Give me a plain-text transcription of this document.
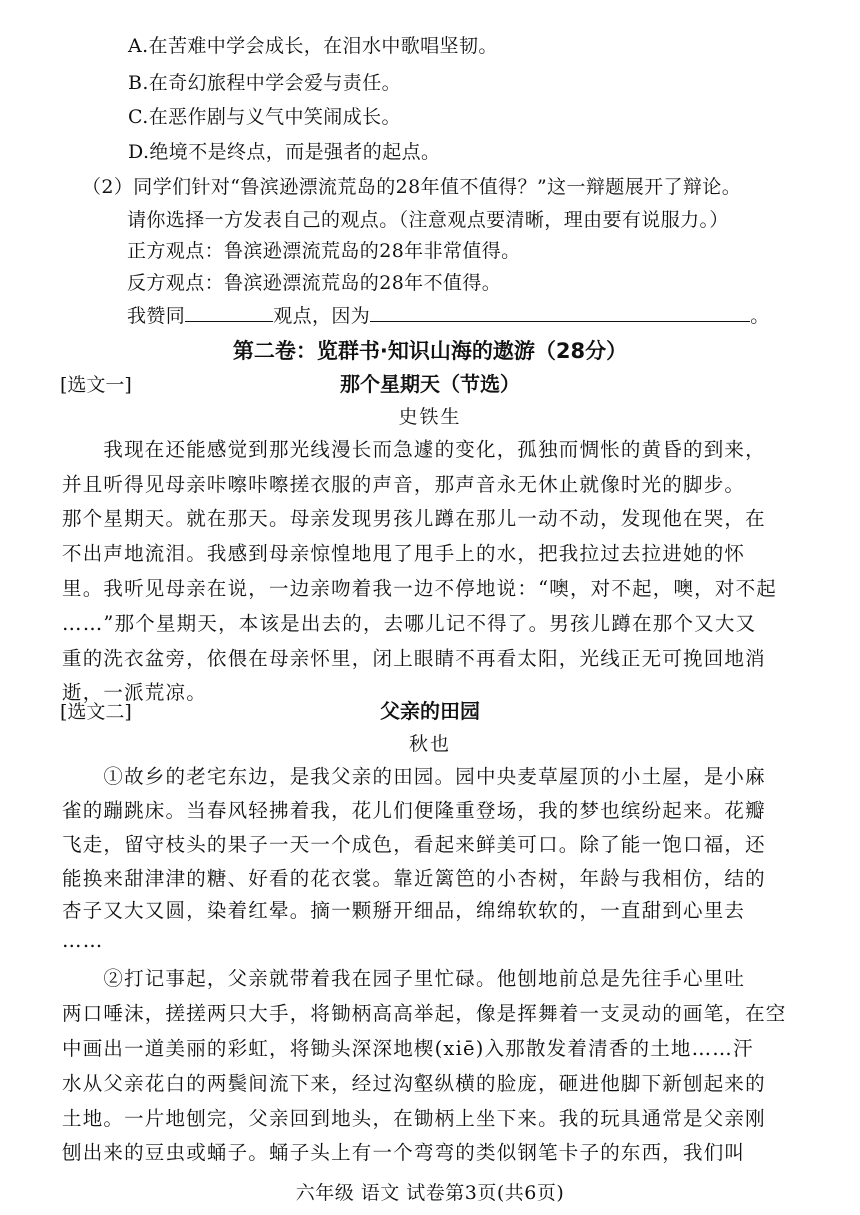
A.在苦难中学会成长，在泪水中歌唱坚韧。
B.在奇幻旅程中学会爱与责任。
C.在恶作剧与义气中笑闹成长。
D.绝境不是终点，而是强者的起点。
（2）同学们针对“鲁滨逊漂流荒岛的28年值不值得？”这一辩题展开了辩论。
请你选择一方发表自己的观点。（注意观点要清晰，理由要有说服力。）
正方观点：鲁滨逊漂流荒岛的28年非常值得。
反方观点：鲁滨逊漂流荒岛的28年不值得。
我赞同	观点，因为	。
第二卷：览群书·知识山海的遨游（28分）
[选文一]	那个星期天（节选）
史铁生
　　我现在还能感觉到那光线漫长而急遽的变化，孤独而惆怅的黄昏的到来，
并且听得见母亲咔嚓咔嚓搓衣服的声音，那声音永无休止就像时光的脚步。
那个星期天。就在那天。母亲发现男孩儿蹲在那儿一动不动，发现他在哭，在
不出声地流泪。我感到母亲惊惶地甩了甩手上的水，把我拉过去拉进她的怀
里。我听见母亲在说，一边亲吻着我一边不停地说：“噢，对不起，噢，对不起
……”那个星期天，本该是出去的，去哪儿记不得了。男孩儿蹲在那个又大又
重的洗衣盆旁，依偎在母亲怀里，闭上眼睛不再看太阳，光线正无可挽回地消
逝，一派荒凉。
[选文二]	父亲的田园
秋也
　　①故乡的老宅东边，是我父亲的田园。园中央麦草屋顶的小土屋，是小麻
雀的蹦跳床。当春风轻拂着我，花儿们便隆重登场，我的梦也缤纷起来。花瓣
飞走，留守枝头的果子一天一个成色，看起来鲜美可口。除了能一饱口福，还
能换来甜津津的糖、好看的花衣裳。靠近篱笆的小杏树，年龄与我相仿，结的
杏子又大又圆，染着红晕。摘一颗掰开细品，绵绵软软的，一直甜到心里去
……
　　②打记事起，父亲就带着我在园子里忙碌。他刨地前总是先往手心里吐
两口唾沫，搓搓两只大手，将锄柄高高举起，像是挥舞着一支灵动的画笔，在空
中画出一道美丽的彩虹，将锄头深深地楔(xiē)入那散发着清香的土地……汗
水从父亲花白的两鬓间流下来，经过沟壑纵横的脸庞，砸进他脚下新刨起来的
土地。一片地刨完，父亲回到地头，在锄柄上坐下来。我的玩具通常是父亲刚
刨出来的豆虫或蛹子。蛹子头上有一个弯弯的类似钢笔卡子的东西，我们叫
六年级 语文 试卷第3页(共6页)
